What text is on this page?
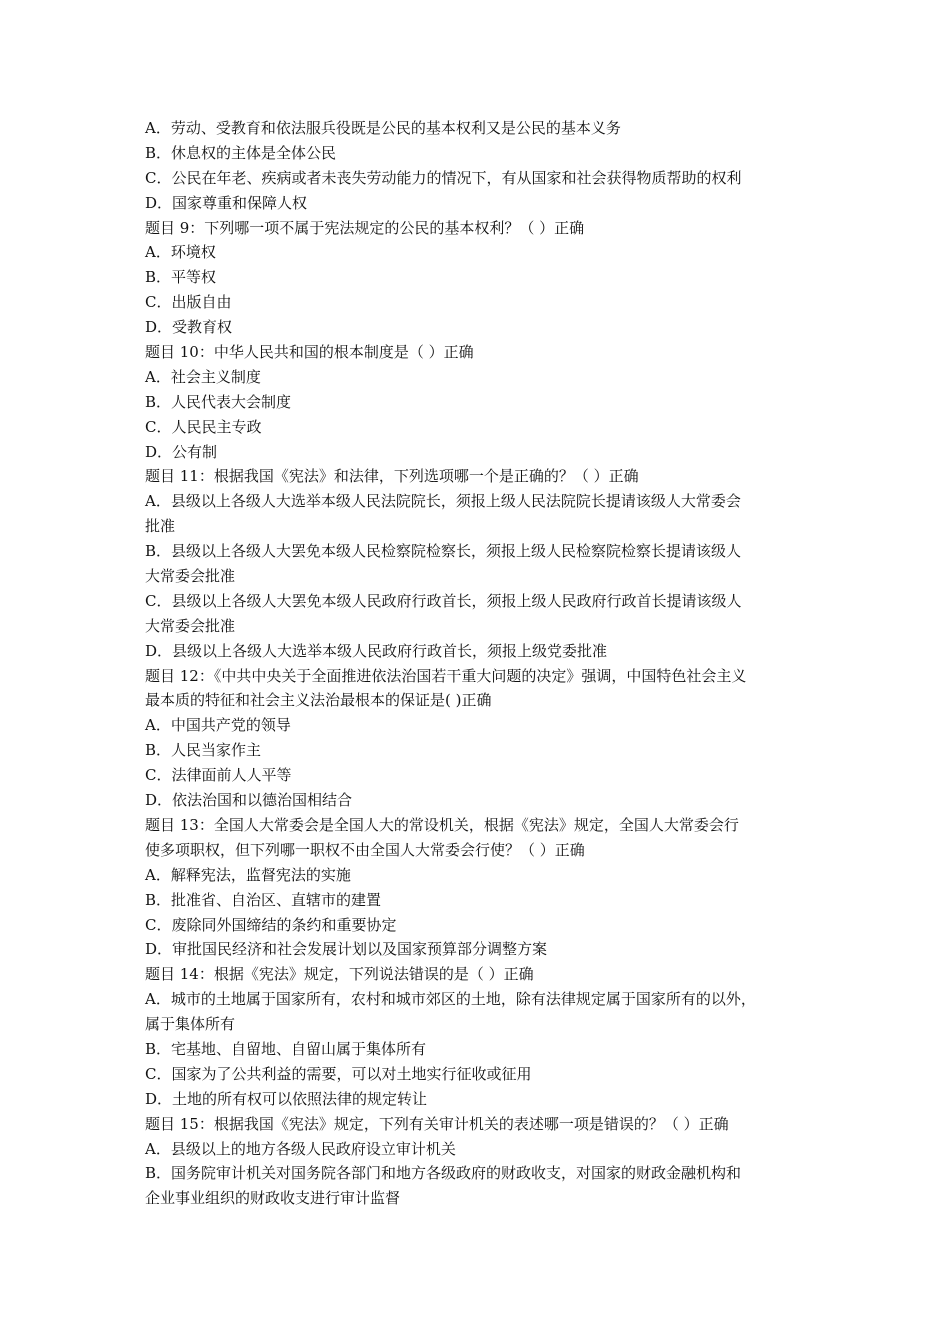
A．劳动、受教育和依法服兵役既是公民的基本权利又是公民的基本义务
B．休息权的主体是全体公民
C．公民在年老、疾病或者未丧失劳动能力的情况下，有从国家和社会获得物质帮助的权利
D．国家尊重和保障人权
题目 9：下列哪一项不属于宪法规定的公民的基本权利？（ ）正确
A．环境权
B．平等权
C．出版自由
D．受教育权
题目 10：中华人民共和国的根本制度是（ ）正确
A．社会主义制度
B．人民代表大会制度
C．人民民主专政
D．公有制
题目 11：根据我国《宪法》和法律，下列选项哪一个是正确的？（ ）正确
A．县级以上各级人大选举本级人民法院院长，须报上级人民法院院长提请该级人大常委会
批准
B．县级以上各级人大罢免本级人民检察院检察长，须报上级人民检察院检察长提请该级人
大常委会批准
C．县级以上各级人大罢免本级人民政府行政首长，须报上级人民政府行政首长提请该级人
大常委会批准
D．县级以上各级人大选举本级人民政府行政首长，须报上级党委批准
题目 12：《中共中央关于全面推进依法治国若干重大问题的决定》强调，中国特色社会主义
最本质的特征和社会主义法治最根本的保证是( )正确
A．中国共产党的领导
B．人民当家作主
C．法律面前人人平等
D．依法治国和以德治国相结合
题目 13：全国人大常委会是全国人大的常设机关，根据《宪法》规定，全国人大常委会行
使多项职权，但下列哪一职权不由全国人大常委会行使？（ ）正确
A．解释宪法，监督宪法的实施
B．批准省、自治区、直辖市的建置
C．废除同外国缔结的条约和重要协定
D．审批国民经济和社会发展计划以及国家预算部分调整方案
题目 14：根据《宪法》规定，下列说法错误的是（ ）正确
A．城市的土地属于国家所有，农村和城市郊区的土地，除有法律规定属于国家所有的以外，
属于集体所有
B．宅基地、自留地、自留山属于集体所有
C．国家为了公共利益的需要，可以对土地实行征收或征用
D．土地的所有权可以依照法律的规定转让
题目 15：根据我国《宪法》规定，下列有关审计机关的表述哪一项是错误的？（ ）正确
A．县级以上的地方各级人民政府设立审计机关
B．国务院审计机关对国务院各部门和地方各级政府的财政收支，对国家的财政金融机构和
企业事业组织的财政收支进行审计监督
